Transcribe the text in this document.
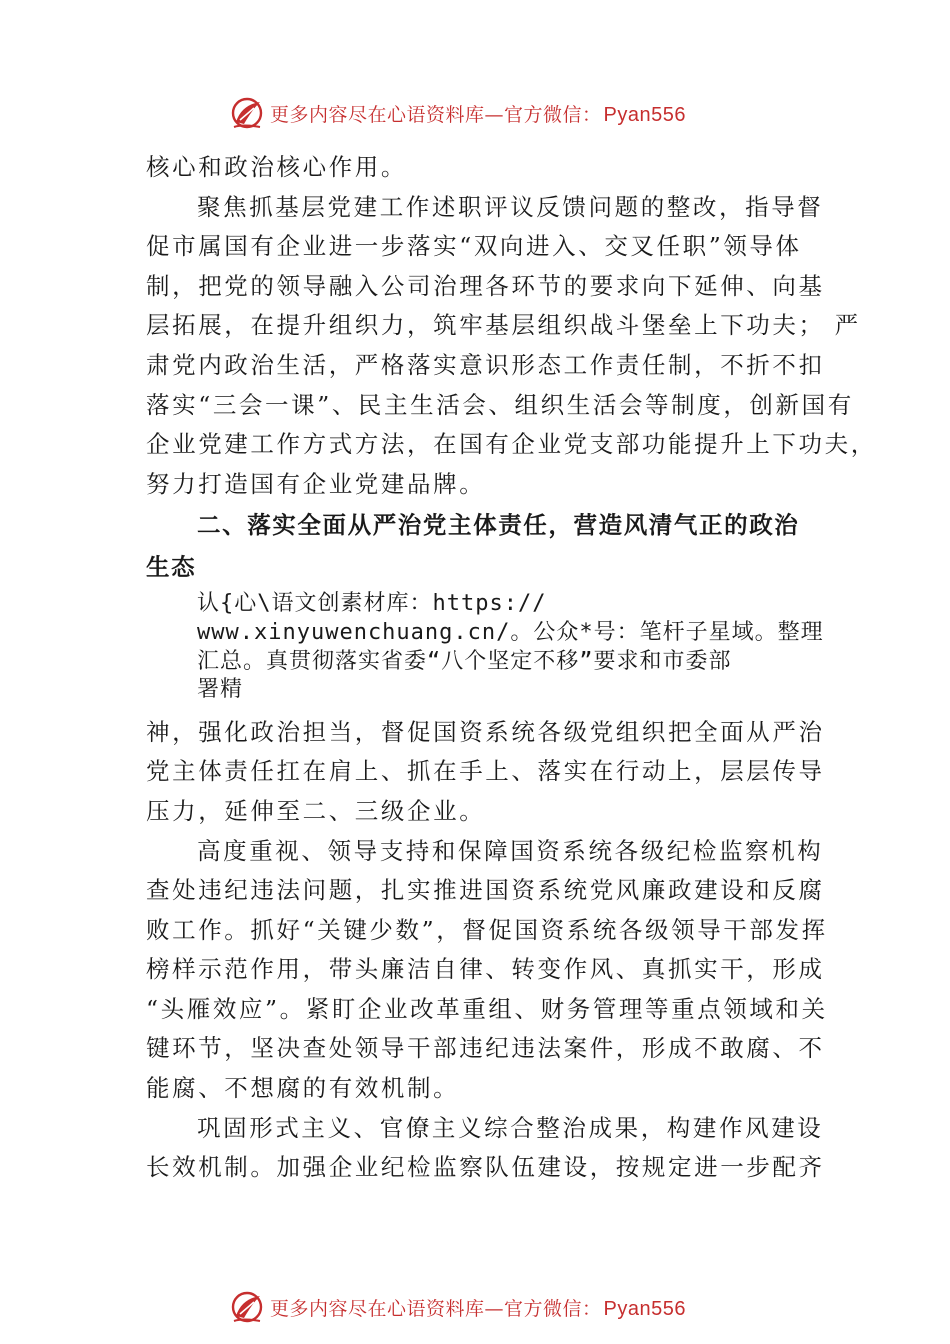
更多内容尽在心语资料库—官方微信： Pyan556
核心和政治核心作用。
聚焦抓基层党建工作述职评议反馈问题的整改，指导督
促市属国有企业进一步落实“双向进入、交叉任职”领导体
制，把党的领导融入公司治理各环节的要求向下延伸、向基
层拓展，在提升组织力，筑牢基层组织战斗堡垒上下功夫； 严
肃党内政治生活，严格落实意识形态工作责任制，不折不扣
落实“三会一课”、民主生活会、组织生活会等制度，创新国有
企业党建工作方式方法，在国有企业党支部功能提升上下功夫，
努力打造国有企业党建品牌。
二、落实全面从严治党主体责任，营造风清气正的政治
生态
认{心\语文创素材库：https://
www.xinyuwenchuang.cn/。公众*号：笔杆子星域。整理
汇总。真贯彻落实省委“八个坚定不移”要求和市委部
署精
神，强化政治担当，督促国资系统各级党组织把全面从严治
党主体责任扛在肩上、抓在手上、落实在行动上，层层传导
压力，延伸至二、三级企业。
高度重视、领导支持和保障国资系统各级纪检监察机构
查处违纪违法问题，扎实推进国资系统党风廉政建设和反腐
败工作。抓好“关键少数”，督促国资系统各级领导干部发挥
榜样示范作用，带头廉洁自律、转变作风、真抓实干，形成
“头雁效应”。紧盯企业改革重组、财务管理等重点领域和关
键环节，坚决查处领导干部违纪违法案件，形成不敢腐、不
能腐、不想腐的有效机制。
巩固形式主义、官僚主义综合整治成果，构建作风建设
长效机制。加强企业纪检监察队伍建设，按规定进一步配齐
更多内容尽在心语资料库—官方微信： Pyan556
